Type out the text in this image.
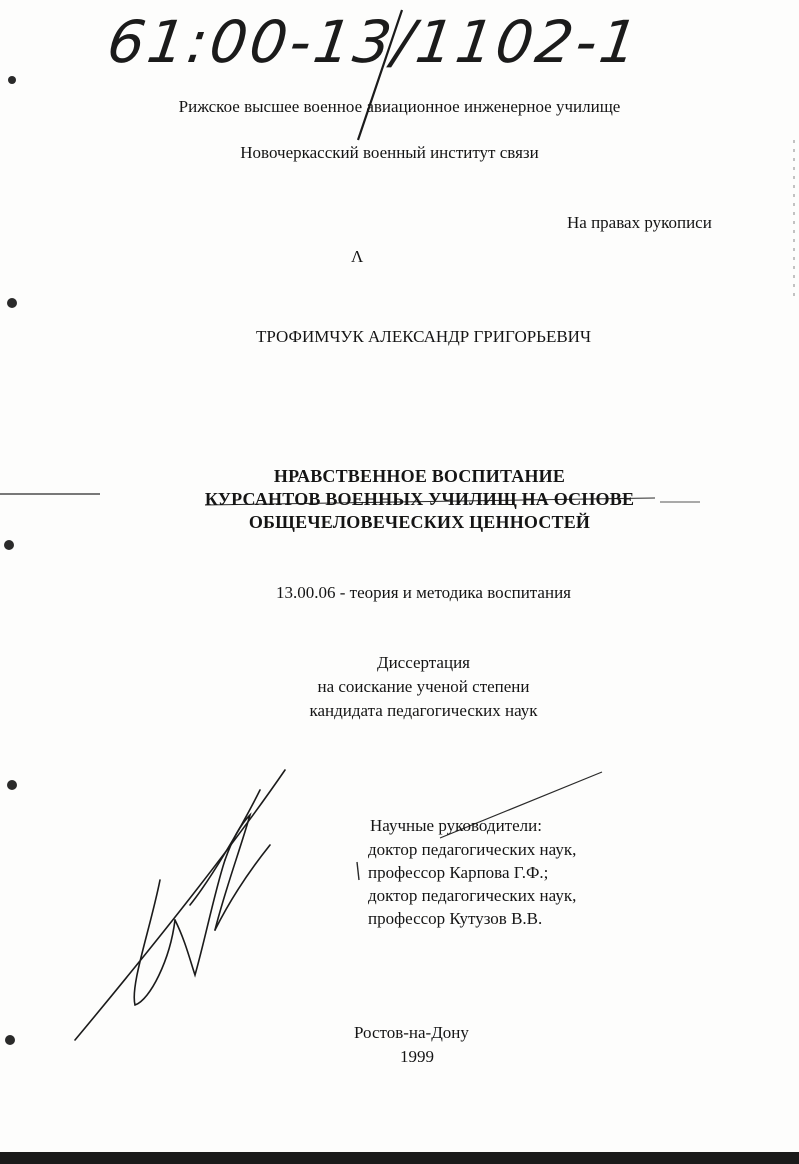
61:00-13/1102-1
Рижское высшее военное авиационное инженерное училище
Новочеркасский военный институт связи
На правах рукописи
Λ
ТРОФИМЧУК АЛЕКСАНДР ГРИГОРЬЕВИЧ
НРАВСТВЕННОЕ ВОСПИТАНИЕ
КУРСАНТОВ ВОЕННЫХ УЧИЛИЩ НА ОСНОВЕ
ОБЩЕЧЕЛОВЕЧЕСКИХ ЦЕННОСТЕЙ
13.00.06 - теория и методика воспитания
Диссертация
на соискание ученой степени
кандидата педагогических наук
Научные руководители:
доктор педагогических наук,
профессор Карпова Г.Ф.;
доктор педагогических наук,
профессор Кутузов В.В.
Ростов-на-Дону
1999
